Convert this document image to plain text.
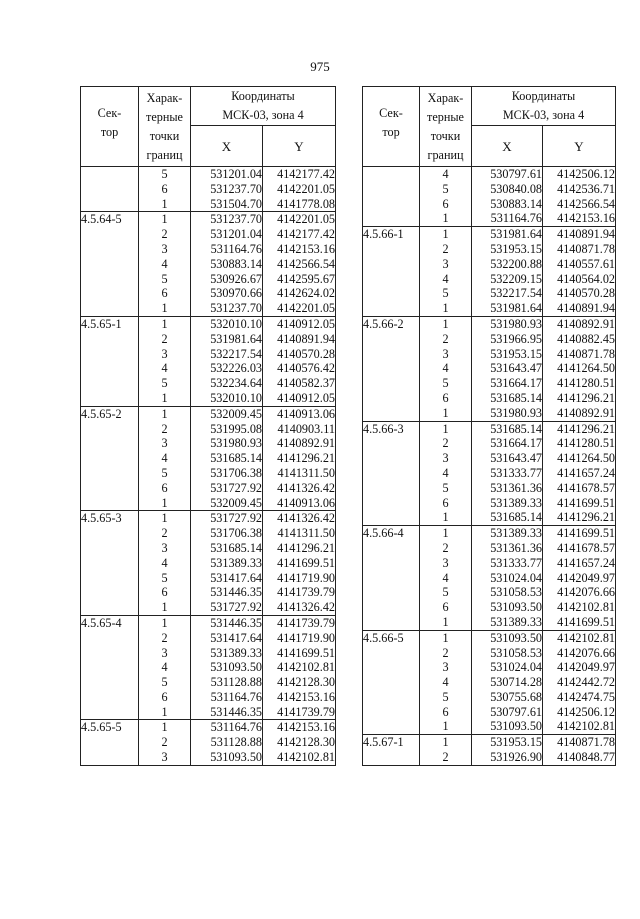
975
Сек-
тор	Харак-
терные
точки
границ	Координаты
МСК-03, зона 4	
		X	Y
	5	531201.04	4142177.42
	6	531237.70	4142201.05
	1	531504.70	4141778.08
4.5.64-5	1	531237.70	4142201.05
	2	531201.04	4142177.42
	3	531164.76	4142153.16
	4	530883.14	4142566.54
	5	530926.67	4142595.67
	6	530970.66	4142624.02
	1	531237.70	4142201.05
4.5.65-1	1	532010.10	4140912.05
	2	531981.64	4140891.94
	3	532217.54	4140570.28
	4	532226.03	4140576.42
	5	532234.64	4140582.37
	1	532010.10	4140912.05
4.5.65-2	1	532009.45	4140913.06
	2	531995.08	4140903.11
	3	531980.93	4140892.91
	4	531685.14	4141296.21
	5	531706.38	4141311.50
	6	531727.92	4141326.42
	1	532009.45	4140913.06
4.5.65-3	1	531727.92	4141326.42
	2	531706.38	4141311.50
	3	531685.14	4141296.21
	4	531389.33	4141699.51
	5	531417.64	4141719.90
	6	531446.35	4141739.79
	1	531727.92	4141326.42
4.5.65-4	1	531446.35	4141739.79
	2	531417.64	4141719.90
	3	531389.33	4141699.51
	4	531093.50	4142102.81
	5	531128.88	4142128.30
	6	531164.76	4142153.16
	1	531446.35	4141739.79
4.5.65-5	1	531164.76	4142153.16
	2	531128.88	4142128.30
	3	531093.50	4142102.81
Сек-
тор	Харак-
терные
точки
границ	Координаты
МСК-03, зона 4	
		X	Y
	4	530797.61	4142506.12
	5	530840.08	4142536.71
	6	530883.14	4142566.54
	1	531164.76	4142153.16
4.5.66-1	1	531981.64	4140891.94
	2	531953.15	4140871.78
	3	532200.88	4140557.61
	4	532209.15	4140564.02
	5	532217.54	4140570.28
	1	531981.64	4140891.94
4.5.66-2	1	531980.93	4140892.91
	2	531966.95	4140882.45
	3	531953.15	4140871.78
	4	531643.47	4141264.50
	5	531664.17	4141280.51
	6	531685.14	4141296.21
	1	531980.93	4140892.91
4.5.66-3	1	531685.14	4141296.21
	2	531664.17	4141280.51
	3	531643.47	4141264.50
	4	531333.77	4141657.24
	5	531361.36	4141678.57
	6	531389.33	4141699.51
	1	531685.14	4141296.21
4.5.66-4	1	531389.33	4141699.51
	2	531361.36	4141678.57
	3	531333.77	4141657.24
	4	531024.04	4142049.97
	5	531058.53	4142076.66
	6	531093.50	4142102.81
	1	531389.33	4141699.51
4.5.66-5	1	531093.50	4142102.81
	2	531058.53	4142076.66
	3	531024.04	4142049.97
	4	530714.28	4142442.72
	5	530755.68	4142474.75
	6	530797.61	4142506.12
	1	531093.50	4142102.81
4.5.67-1	1	531953.15	4140871.78
	2	531926.90	4140848.77
